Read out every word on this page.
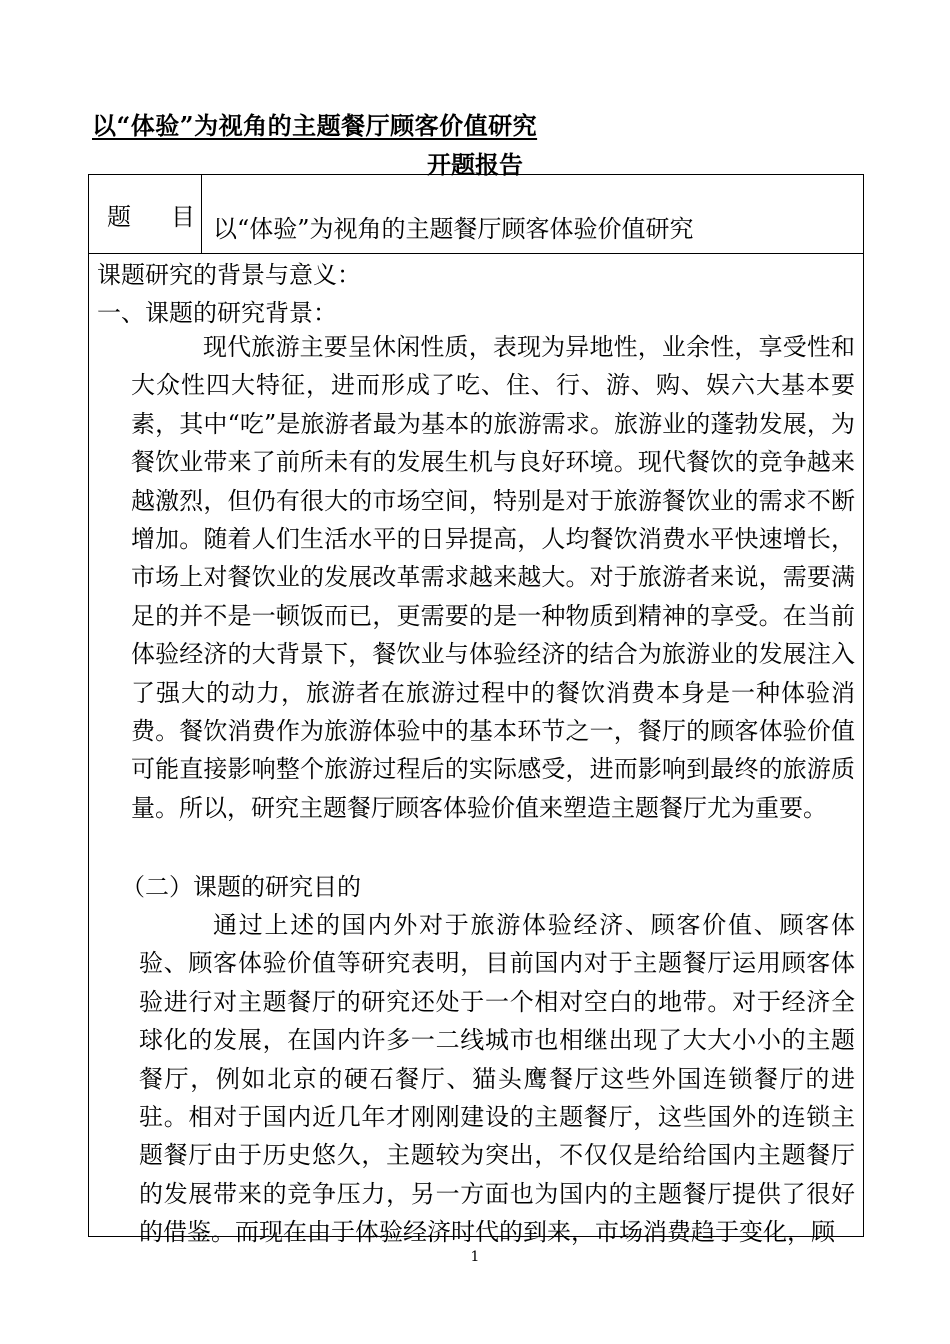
以“体验”为视角的主题餐厅顾客价值研究
开题报告
题　目 以“体验”为视角的主题餐厅顾客体验价值研究
课题研究的背景与意义：
一、课题的研究背景：
现代旅游主要呈休闲性质，表现为异地性，业余性，享受性和大众性四大特征，进而形成了吃、住、行、游、购、娱六大基本要素，其中“吃”是旅游者最为基本的旅游需求。旅游业的蓬勃发展，为餐饮业带来了前所未有的发展生机与良好环境。现代餐饮的竞争越来越激烈，但仍有很大的市场空间，特别是对于旅游餐饮业的需求不断增加。随着人们生活水平的日异提高，人均餐饮消费水平快速增长，市场上对餐饮业的发展改革需求越来越大。对于旅游者来说，需要满足的并不是一顿饭而已，更需要的是一种物质到精神的享受。在当前体验经济的大背景下，餐饮业与体验经济的结合为旅游业的发展注入了强大的动力，旅游者在旅游过程中的餐饮消费本身是一种体验消费。餐饮消费作为旅游体验中的基本环节之一，餐厅的顾客体验价值可能直接影响整个旅游过程后的实际感受，进而影响到最终的旅游质量。所以，研究主题餐厅顾客体验价值来塑造主题餐厅尤为重要。
（二）课题的研究目的
通过上述的国内外对于旅游体验经济、顾客价值、顾客体验、顾客体验价值等研究表明，目前国内对于主题餐厅运用顾客体验进行对主题餐厅的研究还处于一个相对空白的地带。对于经济全球化的发展，在国内许多一二线城市也相继出现了大大小小的主题餐厅，例如北京的硬石餐厅、猫头鹰餐厅这些外国连锁餐厅的进驻。相对于国内近几年才刚刚建设的主题餐厅，这些国外的连锁主题餐厅由于历史悠久，主题较为突出，不仅仅是给给国内主题餐厅的发展带来的竞争压力，另一方面也为国内的主题餐厅提供了很好的借鉴。而现在由于体验经济时代的到来，市场消费趋于变化，顾
1
